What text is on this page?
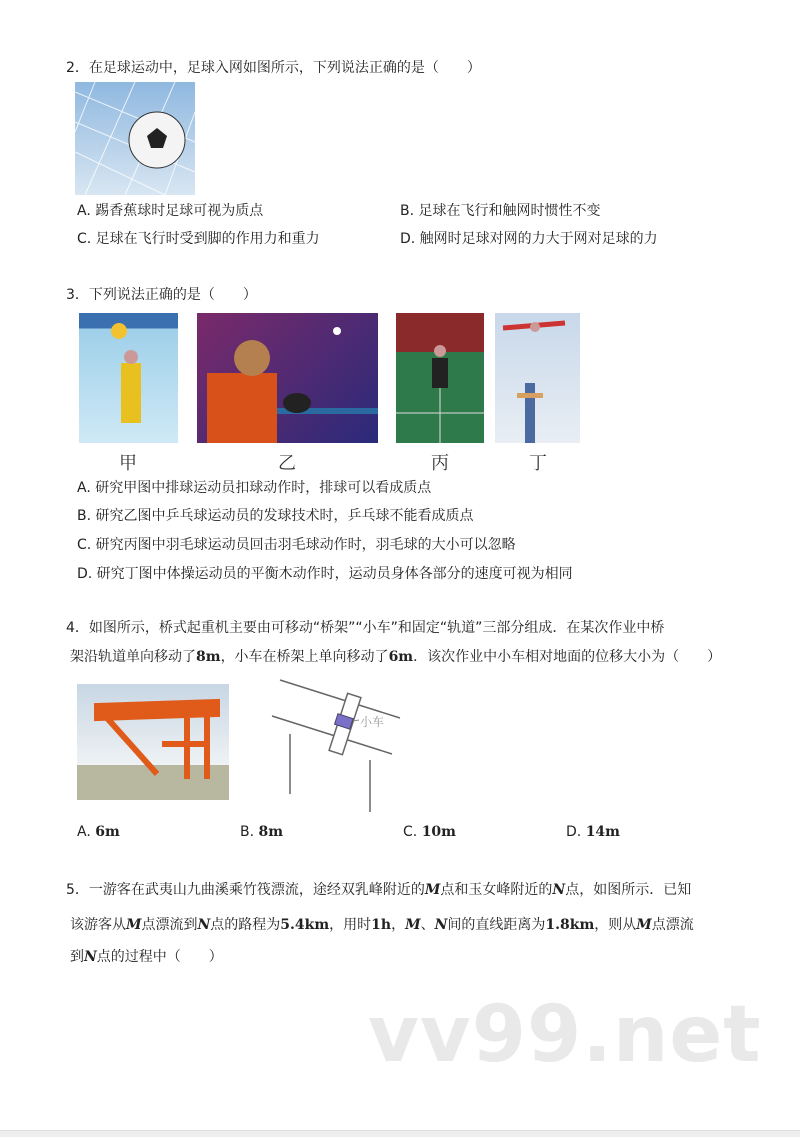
2．在足球运动中，足球入网如图所示，下列说法正确的是（　　）
A. 踢香蕉球时足球可视为质点	B. 足球在飞行和触网时惯性不变
C. 足球在飞行时受到脚的作用力和重力	D. 触网时足球对网的力大于网对足球的力
3．下列说法正确的是（　　）
甲	乙	丙	丁
A. 研究甲图中排球运动员扣球动作时，排球可以看成质点
B. 研究乙图中乒乓球运动员的发球技术时，乒乓球不能看成质点
C. 研究丙图中羽毛球运动员回击羽毛球动作时，羽毛球的大小可以忽略
D. 研究丁图中体操运动员的平衡木动作时，运动员身体各部分的速度可视为相同
4．如图所示，桥式起重机主要由可移动“桥架”“小车”和固定“轨道”三部分组成．在某次作业中桥
架沿轨道单向移动了8m，小车在桥架上单向移动了6m．该次作业中小车相对地面的位移大小为（　　）
小车
A. 6m	B. 8m	C. 10m	D. 14m
5．一游客在武夷山九曲溪乘竹筏漂流，途经双乳峰附近的M点和玉女峰附近的N点，如图所示．已知
该游客从M点漂流到N点的路程为5.4km，用时1h，M、N间的直线距离为1.8km，则从M点漂流
到N点的过程中（　　）
vv99.net
